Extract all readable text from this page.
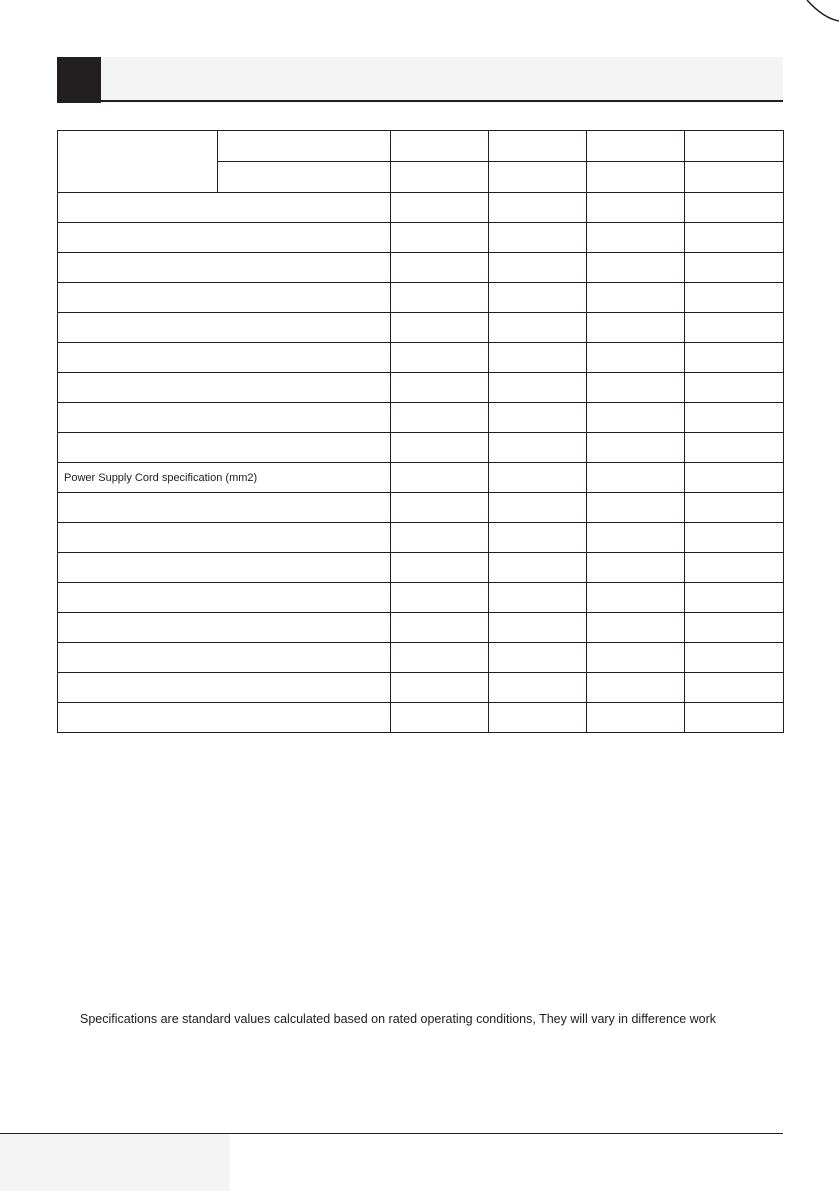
Power Supply Cord specification (mm2)					

Specifications are standard values calculated based on rated operating conditions, They will vary in difference work
